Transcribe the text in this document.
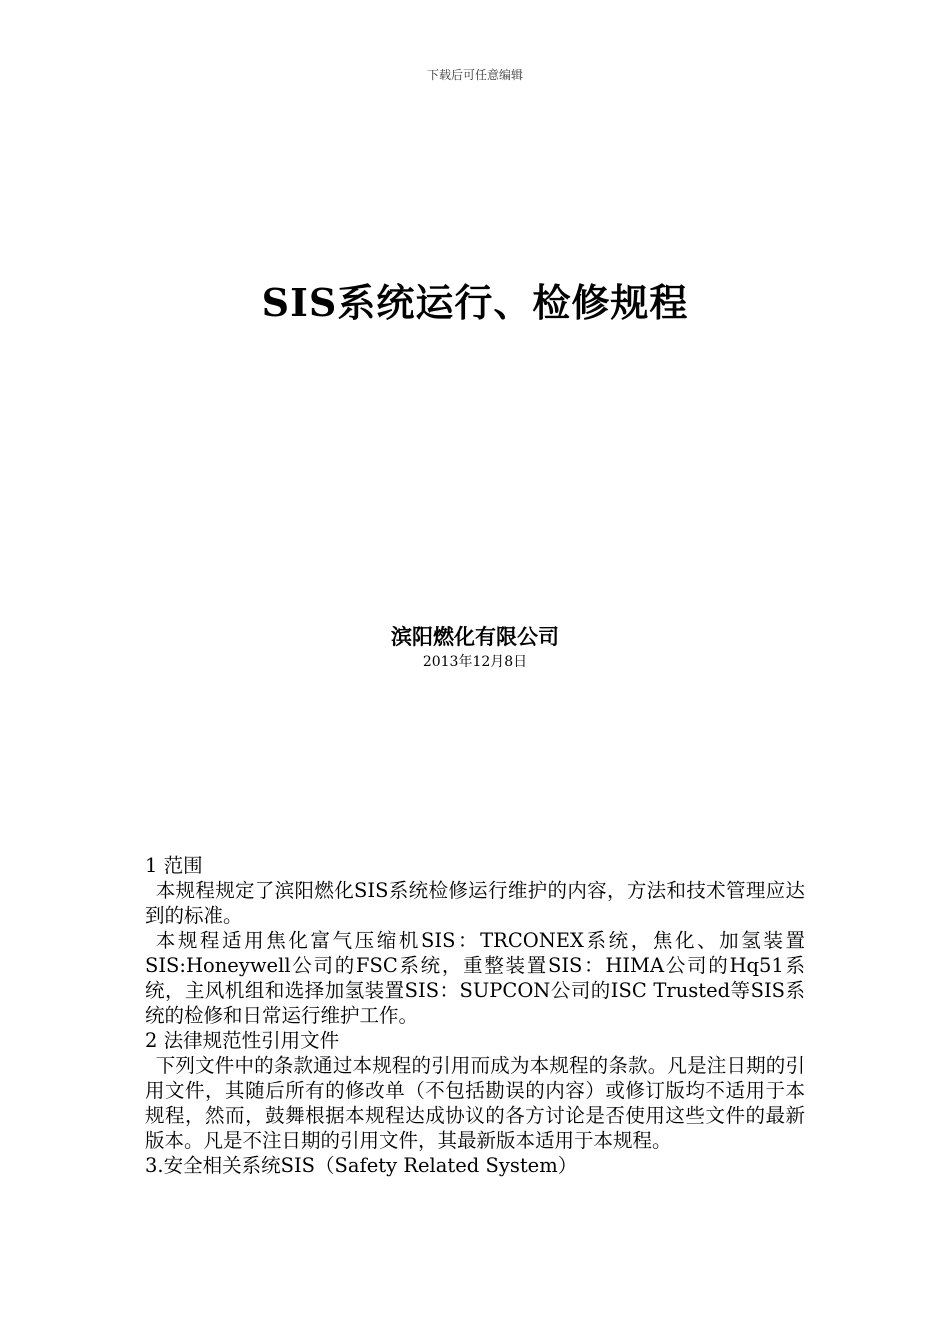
下载后可任意编辑
SIS系统运行、检修规程
滨阳燃化有限公司
2013年12月8日

1 范围

本规程规定了滨阳燃化SIS系统检修运行维护的内容，方法和技术管理应达到的标准。

本规程适用焦化富气压缩机SIS：TRCONEX系统，焦化、加氢装置SIS:Honeywell公司的FSC系统，重整装置SIS：HIMA公司的Hq51系统，主风机组和选择加氢装置SIS：SUPCON公司的ISC Trusted等SIS系统的检修和日常运行维护工作。

2 法律规范性引用文件

下列文件中的条款通过本规程的引用而成为本规程的条款。凡是注日期的引用文件，其随后所有的修改单（不包括勘误的内容）或修订版均不适用于本规程，然而，鼓舞根据本规程达成协议的各方讨论是否使用这些文件的最新版本。凡是不注日期的引用文件，其最新版本适用于本规程。

3.安全相关系统SIS（Safety Related System）
